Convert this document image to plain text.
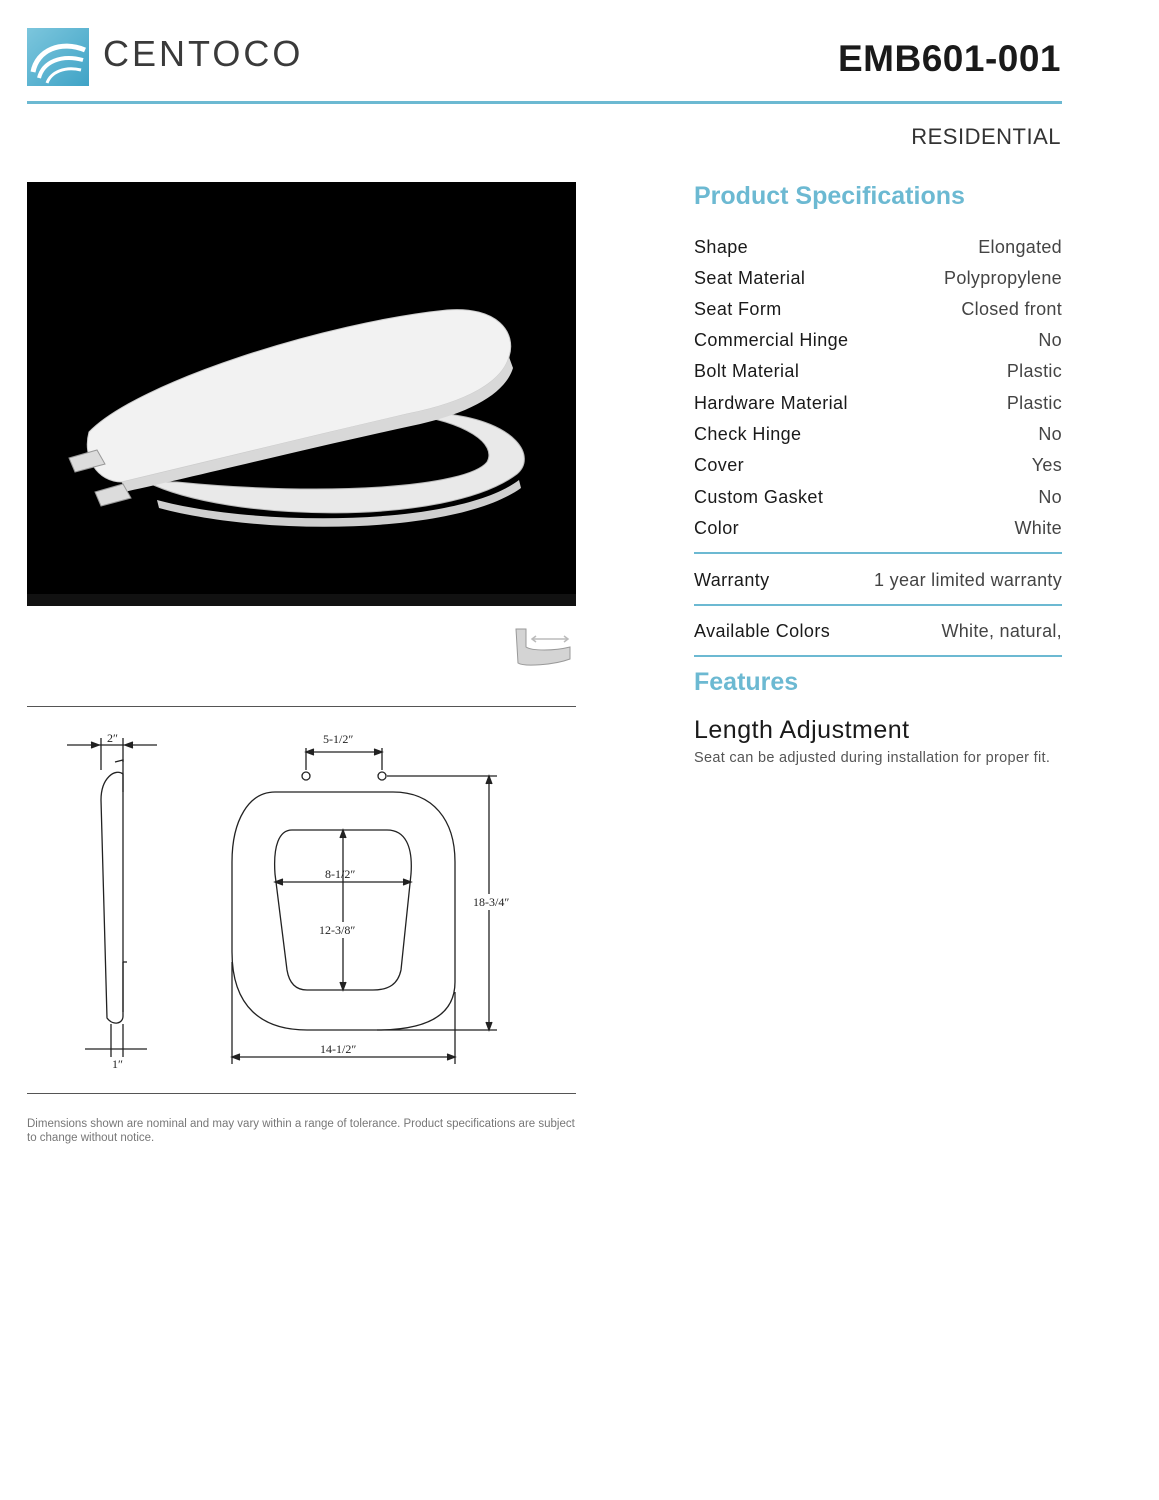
CENTOCO	EMB601-001
RESIDENTIAL
2″
1″
5-1/2″
8-1/2″
12-3/8″
18-3/4″
14-1/2″
Dimensions shown are nominal and may vary within a range of tolerance. Product specifications are subject to change without notice.
Product Specifications
Shape	Elongated
Seat Material	Polypropylene
Seat Form	Closed front
Commercial Hinge	No
Bolt Material	Plastic
Hardware Material	Plastic
Check Hinge	No
Cover	Yes
Custom Gasket	No
Color	White
Warranty	1 year limited warranty
Available Colors	White, natural,
Features
Length Adjustment
Seat can be adjusted during installation for proper fit.
